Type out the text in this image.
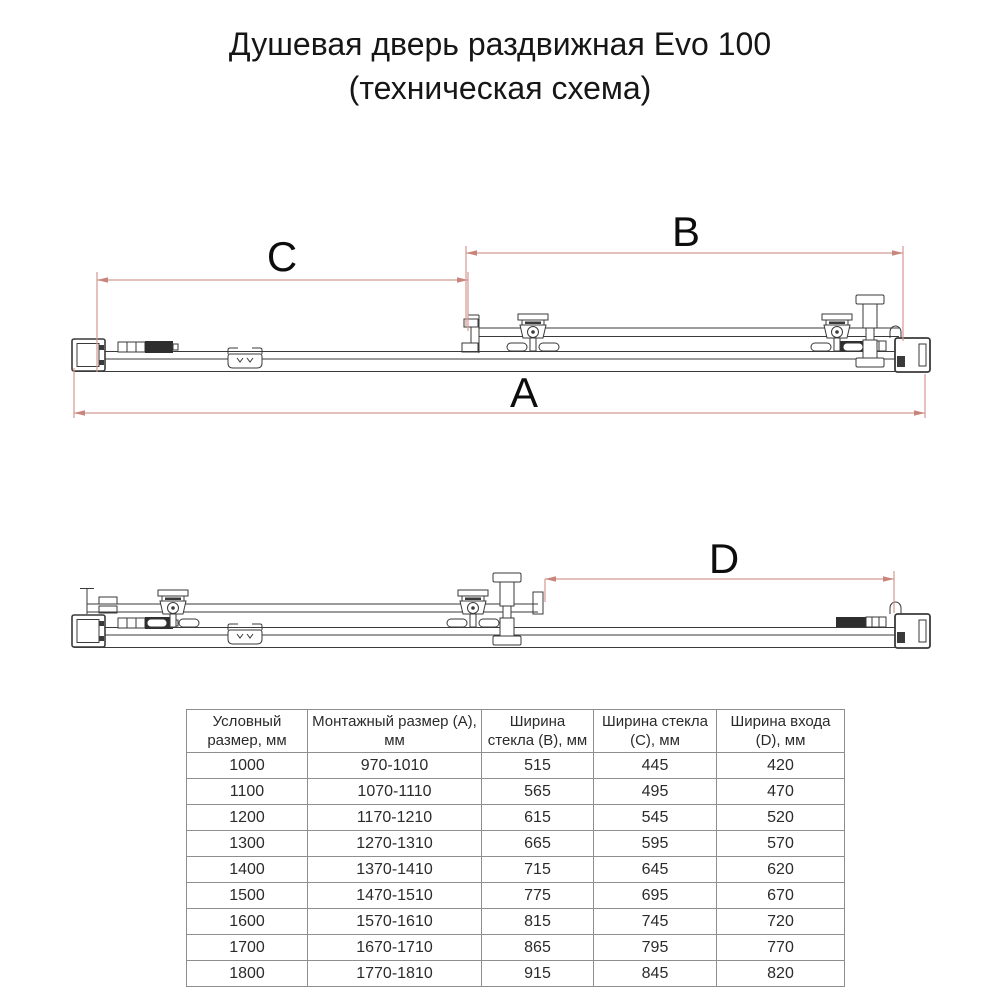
Душевая дверь раздвижная Evo 100
(техническая схема)
C
B
A
D
Условный размер, мм	Монтажный размер (А), мм	Ширина стекла (B), мм	Ширина стекла (C), мм	Ширина входа (D), мм
1000	970-1010	515	445	420
1100	1070-1110	565	495	470
1200	1170-1210	615	545	520
1300	1270-1310	665	595	570
1400	1370-1410	715	645	620
1500	1470-1510	775	695	670
1600	1570-1610	815	745	720
1700	1670-1710	865	795	770
1800	1770-1810	915	845	820
